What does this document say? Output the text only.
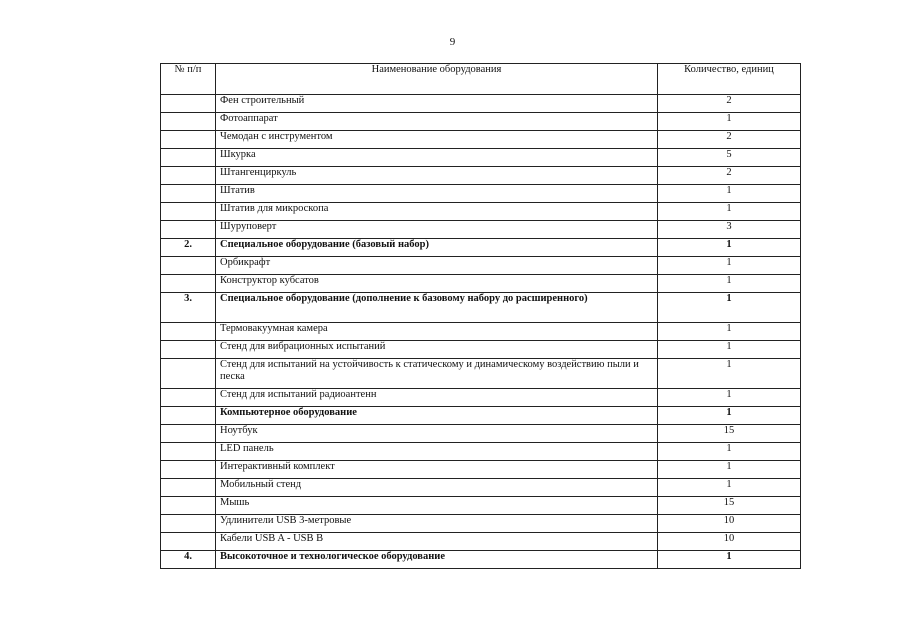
9
№ п/п	Наименование оборудования	Количество, единиц
	Фен строительный	2
	Фотоаппарат	1
	Чемодан с инструментом	2
	Шкурка	5
	Штангенциркуль	2
	Штатив	1
	Штатив для микроскопа	1
	Шуруповерт	3
2.	Специальное оборудование (базовый набор)	1
	Орбикрафт	1
	Конструктор кубсатов	1
3.	Специальное оборудование (дополнение к базовому набору до расширенного)	1
	Термовакуумная камера	1
	Стенд для вибрационных испытаний	1
	Стенд для испытаний на устойчивость к статическому и динамическому воздействию пыли и песка	1
	Стенд для испытаний радиоантенн	1
	Компьютерное оборудование	1
	Ноутбук	15
	LED панель	1
	Интерактивный комплект	1
	Мобильный стенд	1
	Мышь	15
	Удлинители USB 3-метровые	10
	Кабели USB A - USB B	10
4.	Высокоточное и технологическое оборудование	1
